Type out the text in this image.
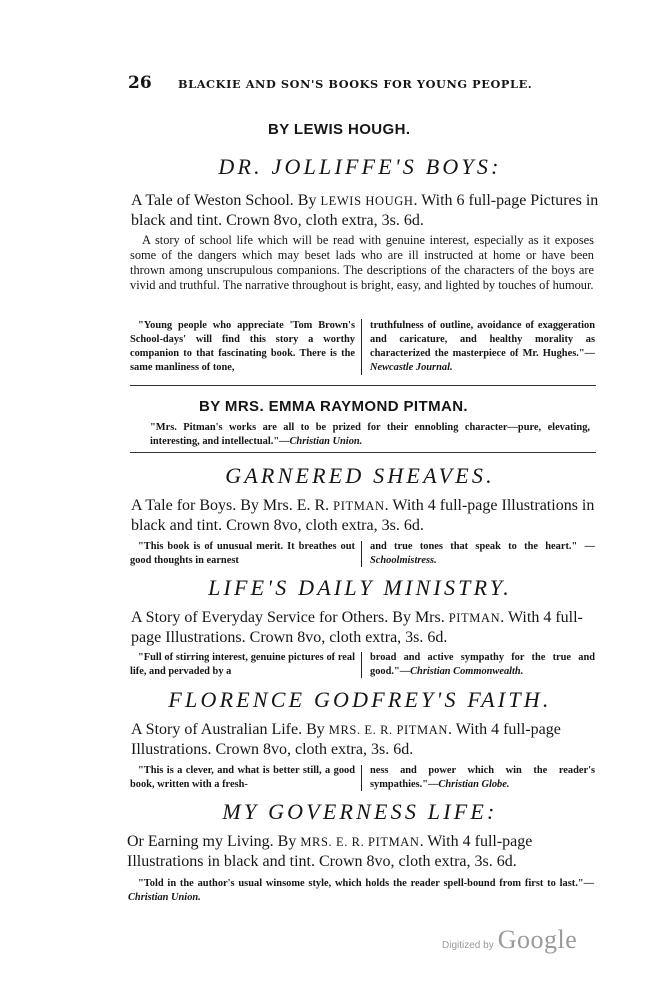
26 BLACKIE AND SON'S BOOKS FOR YOUNG PEOPLE.
BY LEWIS HOUGH.
DR. JOLLIFFE'S BOYS:
A Tale of Weston School. By LEWIS HOUGH. With 6 full-page Pictures in black and tint. Crown 8vo, cloth extra, 3s. 6d.
A story of school life which will be read with genuine interest, especially as it exposes some of the dangers which may beset lads who are ill instructed at home or have been thrown among unscrupulous companions. The descriptions of the characters of the boys are vivid and truthful. The narrative throughout is bright, easy, and lighted by touches of humour.
"Young people who appreciate 'Tom Brown's School-days' will find this story a worthy companion to that fascinating book. There is the same manliness of tone,
truthfulness of outline, avoidance of exaggeration and caricature, and healthy morality as characterized the masterpiece of Mr. Hughes."—Newcastle Journal.
BY MRS. EMMA RAYMOND PITMAN.
"Mrs. Pitman's works are all to be prized for their ennobling character—pure, elevating, interesting, and intellectual."—Christian Union.
GARNERED SHEAVES.
A Tale for Boys. By Mrs. E. R. PITMAN. With 4 full-page Illustrations in black and tint. Crown 8vo, cloth extra, 3s. 6d.
"This book is of unusual merit. It breathes out good thoughts in earnest
and true tones that speak to the heart." —Schoolmistress.
LIFE'S DAILY MINISTRY.
A Story of Everyday Service for Others. By Mrs. PITMAN. With 4 full-page Illustrations. Crown 8vo, cloth extra, 3s. 6d.
"Full of stirring interest, genuine pictures of real life, and pervaded by a
broad and active sympathy for the true and good."—Christian Commonwealth.
FLORENCE GODFREY'S FAITH.
A Story of Australian Life. By MRS. E. R. PITMAN. With 4 full-page Illustrations. Crown 8vo, cloth extra, 3s. 6d.
"This is a clever, and what is better still, a good book, written with a fresh-
ness and power which win the reader's sympathies."—Christian Globe.
MY GOVERNESS LIFE:
Or Earning my Living. By MRS. E. R. PITMAN. With 4 full-page Illustrations in black and tint. Crown 8vo, cloth extra, 3s. 6d.
"Told in the author's usual winsome style, which holds the reader spell-bound from first to last."—Christian Union.
Digitized by Google
